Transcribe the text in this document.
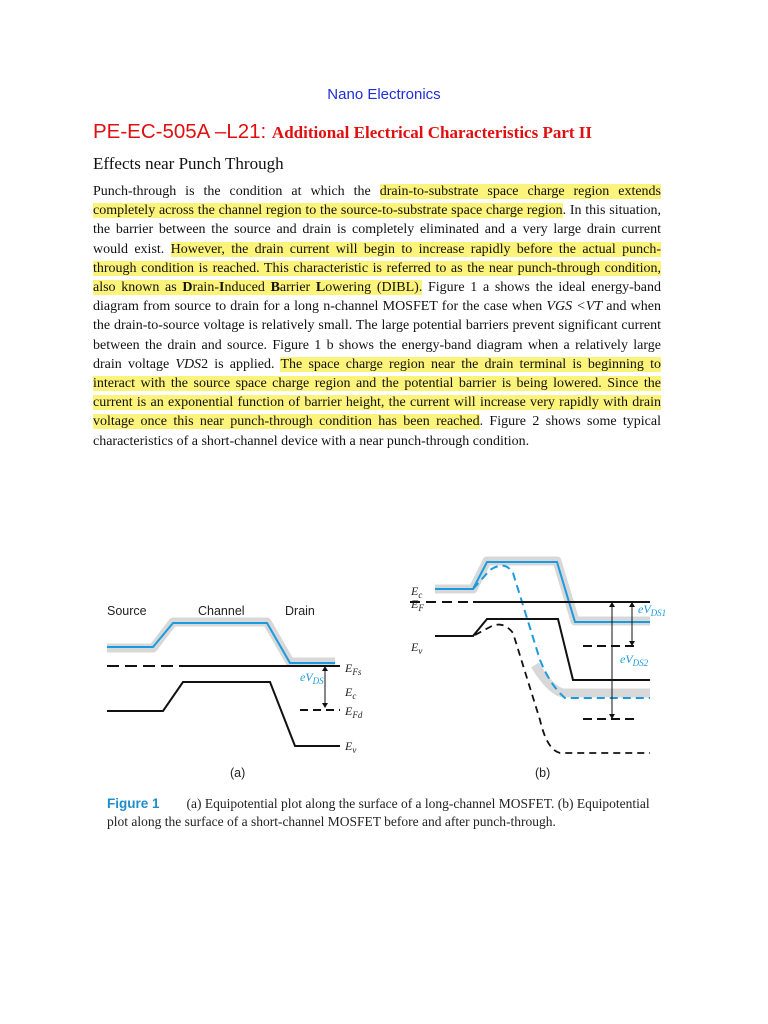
Nano Electronics
PE-EC-505A –L21: Additional Electrical Characteristics Part II
Effects near Punch Through
Punch-through is the condition at which the drain-to-substrate space charge region extends completely across the channel region to the source-to-substrate space charge region. In this situation, the barrier between the source and drain is completely eliminated and a very large drain current would exist. However, the drain current will begin to increase rapidly before the actual punch-through condition is reached. This characteristic is referred to as the near punch-through condition, also known as Drain-Induced Barrier Lowering (DIBL). Figure 1 a shows the ideal energy-band diagram from source to drain for a long n-channel MOSFET for the case when VGS <VT and when the drain-to-source voltage is relatively small. The large potential barriers prevent significant current between the drain and source. Figure 1 b shows the energy-band diagram when a relatively large drain voltage VDS2 is applied. The space charge region near the drain terminal is beginning to interact with the source space charge region and the potential barrier is being lowered. Since the current is an exponential function of barrier height, the current will increase very rapidly with drain voltage once this near punch-through condition has been reached. Figure 2 shows some typical characteristics of a short-channel device with a near punch-through condition.
Source	Channel	Drain
$eV_{DS}$
$E_{Fs}$
$E_c$
$E_{Fd}$
$E_v$
(a)
$E_c$
$E_F$
$E_v$
$eV_{DS1}$
$eV_{DS2}$
(b)
Figure 1 (a) Equipotential plot along the surface of a long-channel MOSFET. (b) Equipotential plot along the surface of a short-channel MOSFET before and after punch-through.
